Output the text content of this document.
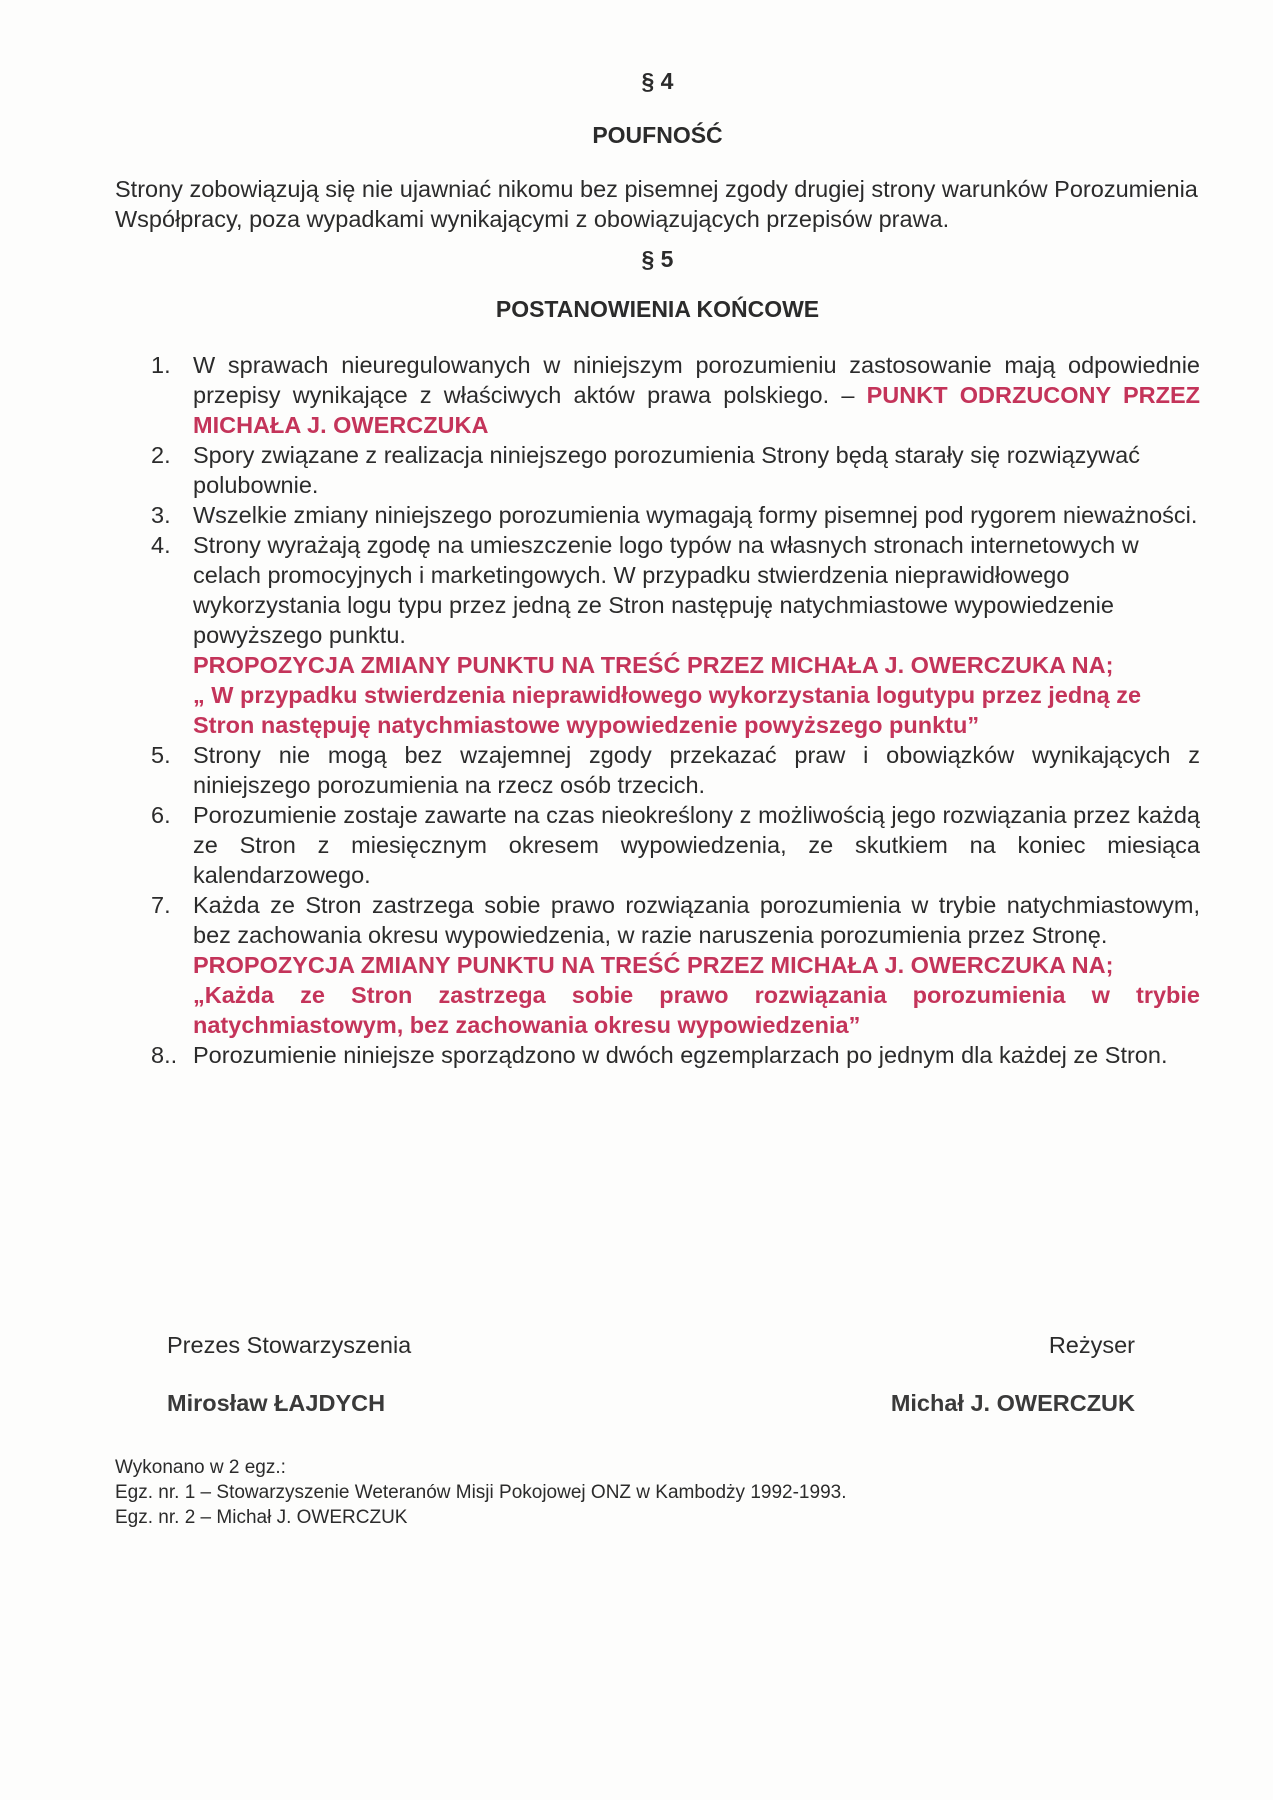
§ 4
POUFNOŚĆ

Strony zobowiązują się nie ujawniać nikomu bez pisemnej zgody drugiej strony warunków Porozumienia Współpracy, poza wypadkami wynikającymi z obowiązujących przepisów prawa.

§ 5
POSTANOWIENIA KOŃCOWE
1. W sprawach nieuregulowanych w niniejszym porozumieniu zastosowanie mają odpowiednie przepisy wynikające z właściwych aktów prawa polskiego. – PUNKT ODRZUCONY PRZEZ MICHAŁA J. OWERCZUKA
2. Spory związane z realizacja niniejszego porozumienia Strony będą starały się rozwiązywać polubownie.
3. Wszelkie zmiany niniejszego porozumienia wymagają formy pisemnej pod rygorem nieważności.
4. Strony wyrażają zgodę na umieszczenie logo typów na własnych stronach internetowych w celach promocyjnych i marketingowych. W przypadku stwierdzenia nieprawidłowego wykorzystania logu typu przez jedną ze Stron następuję natychmiastowe wypowiedzenie powyższego punktu.
PROPOZYCJA ZMIANY PUNKTU NA TREŚĆ PRZEZ MICHAŁA J. OWERCZUKA NA;
„ W przypadku stwierdzenia nieprawidłowego wykorzystania logutypu przez jedną ze Stron następuję natychmiastowe wypowiedzenie powyższego punktu”
5. Strony nie mogą bez wzajemnej zgody przekazać praw i obowiązków wynikających z niniejszego porozumienia na rzecz osób trzecich.
6. Porozumienie zostaje zawarte na czas nieokreślony z możliwością jego rozwiązania przez każdą ze Stron z miesięcznym okresem wypowiedzenia, ze skutkiem na koniec miesiąca kalendarzowego.
7. Każda ze Stron zastrzega sobie prawo rozwiązania porozumienia w trybie natychmiastowym, bez zachowania okresu wypowiedzenia, w razie naruszenia porozumienia przez Stronę.
PROPOZYCJA ZMIANY PUNKTU NA TREŚĆ PRZEZ MICHAŁA J. OWERCZUKA NA;
„Każda ze Stron zastrzega sobie prawo rozwiązania porozumienia w trybie natychmiastowym, bez zachowania okresu wypowiedzenia”
8.. Porozumienie niniejsze sporządzono w dwóch egzemplarzach po jednym dla każdej ze Stron.

Prezes Stowarzyszenia

Mirosław ŁAJDYCH

Reżyser

Michał J. OWERCZUK

Wykonano w 2 egz.:

Egz. nr. 1 – Stowarzyszenie Weteranów Misji Pokojowej ONZ w Kambodży 1992-1993.

Egz. nr. 2 – Michał J. OWERCZUK
